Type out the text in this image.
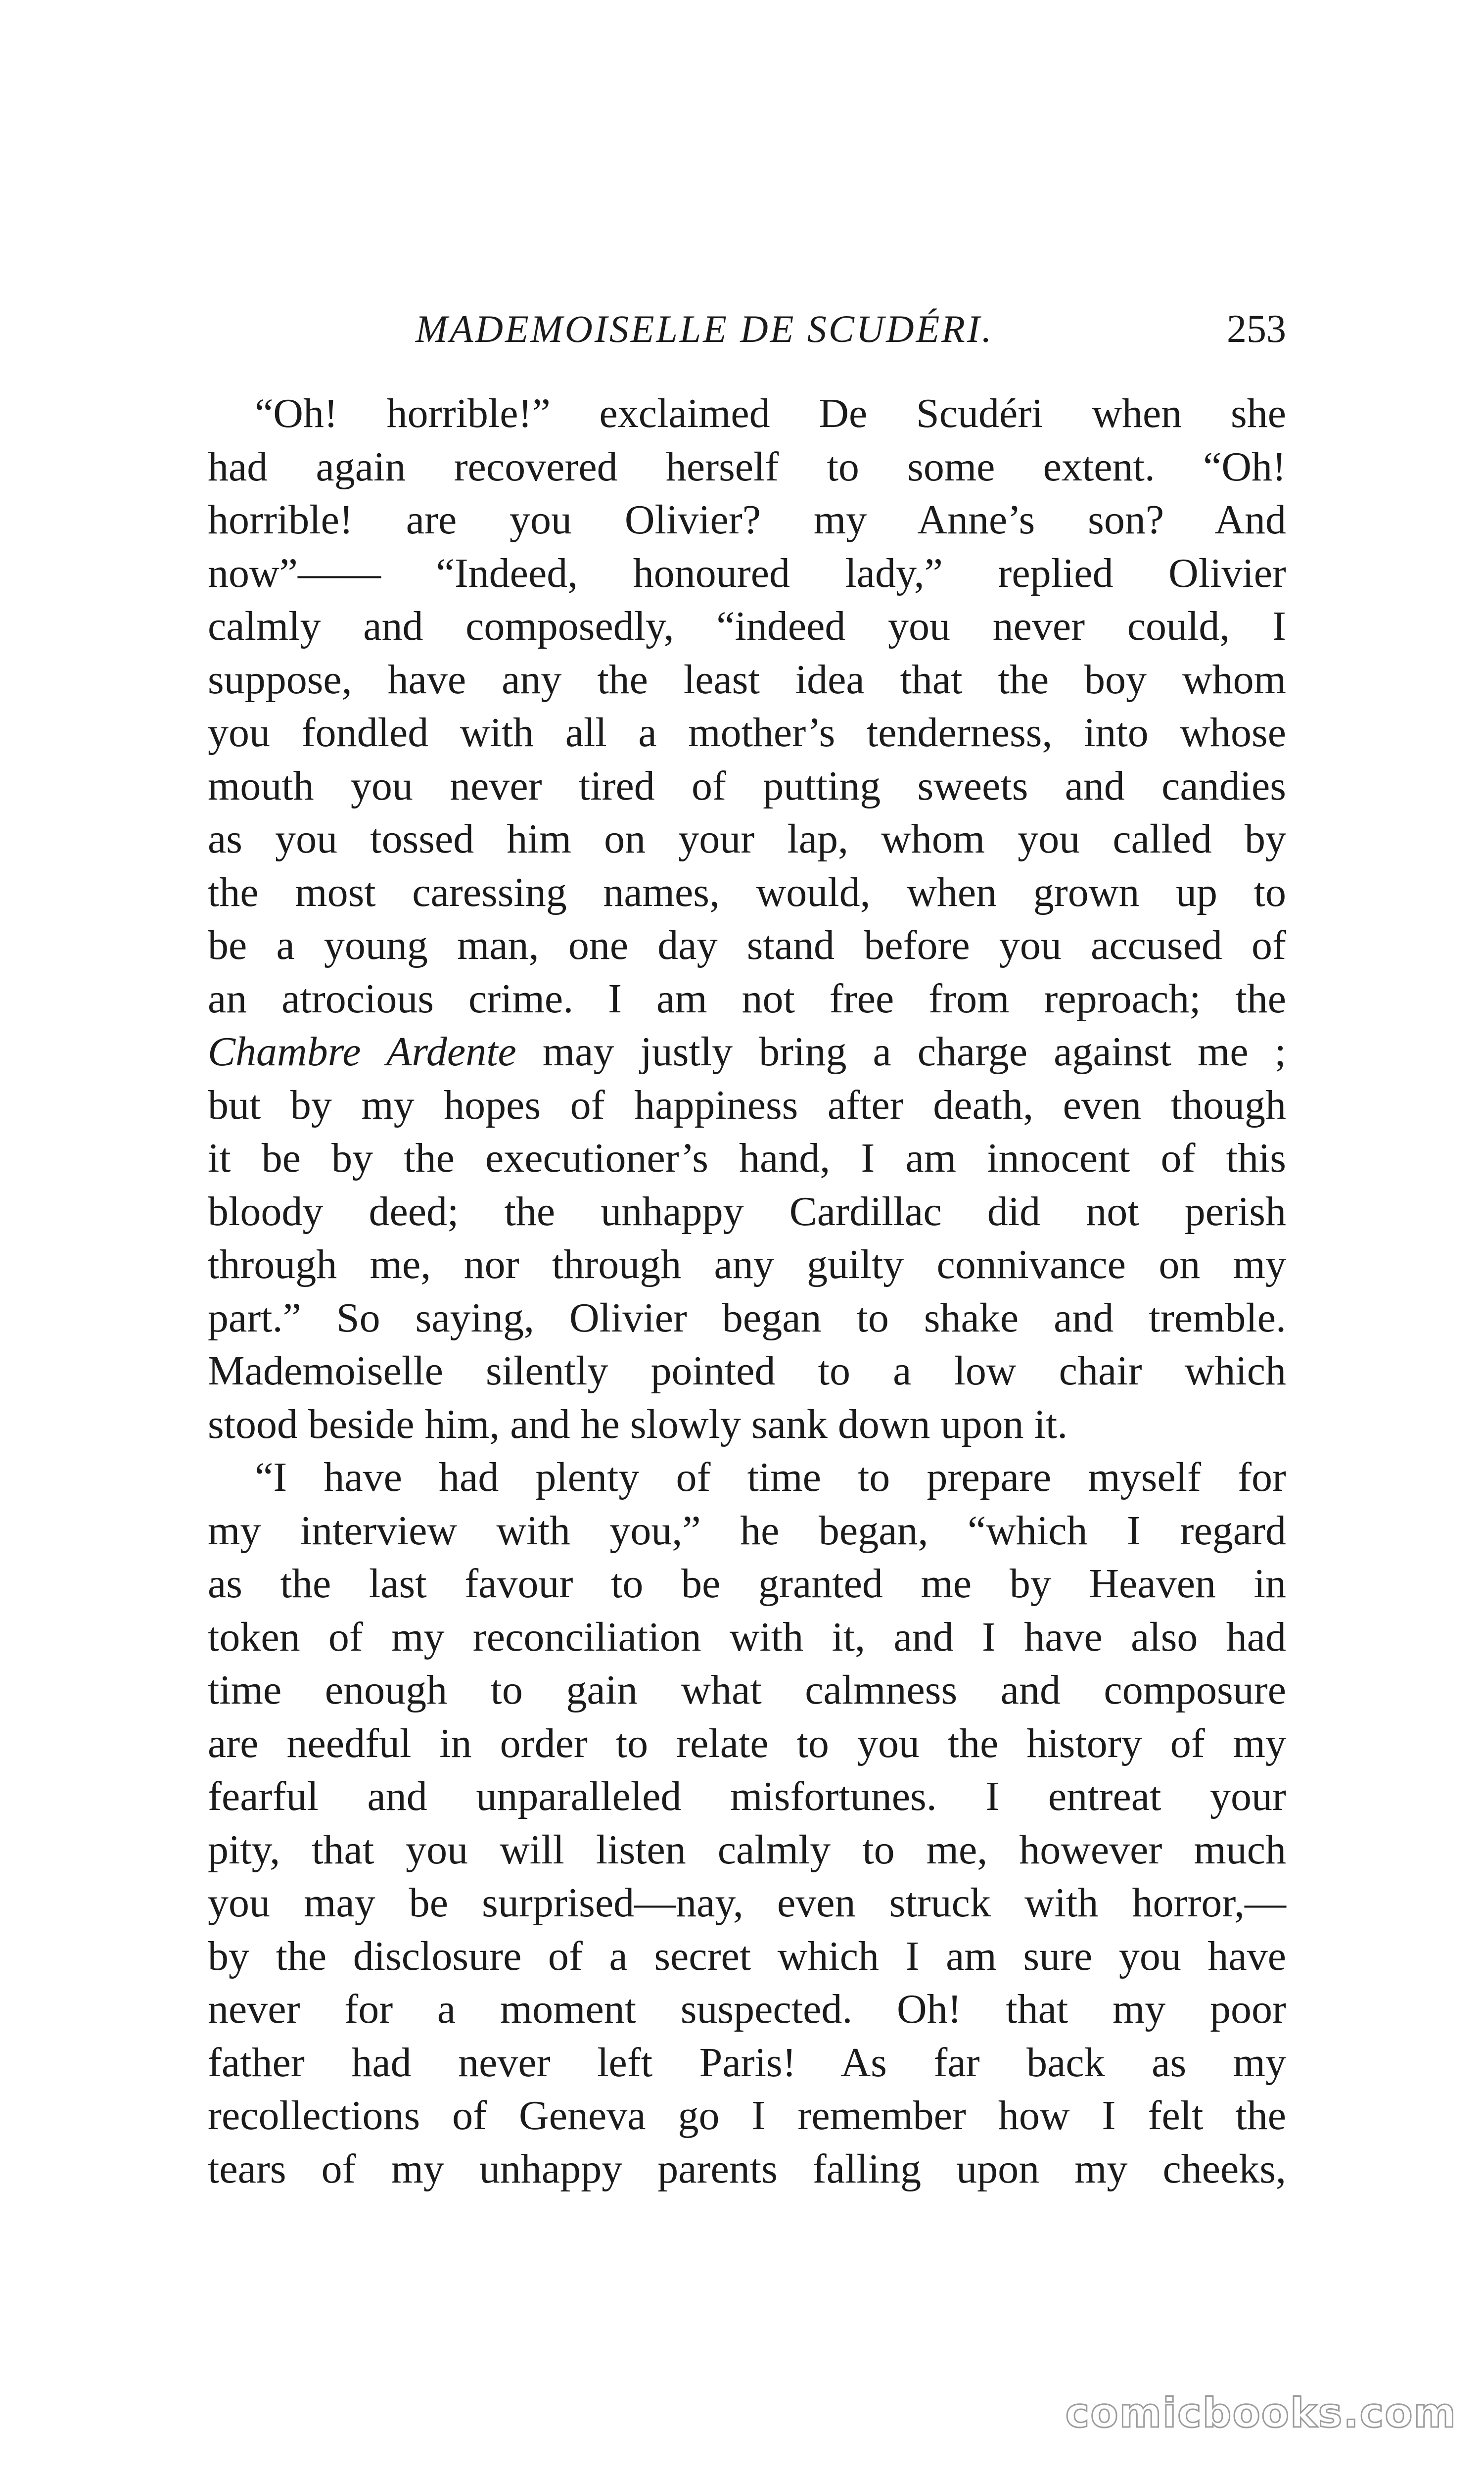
MADEMOISELLE DE SCUDÉRI.	253
“Oh! horrible!” exclaimed De Scudéri when she
had again recovered herself to some extent. “Oh!
horrible! are you Olivier? my Anne’s son? And
now”—— “Indeed, honoured lady,” replied Olivier
calmly and composedly, “indeed you never could, I
suppose, have any the least idea that the boy whom
you fondled with all a mother’s tenderness, into whose
mouth you never tired of putting sweets and candies
as you tossed him on your lap, whom you called by
the most caressing names, would, when grown up to
be a young man, one day stand before you accused of
an atrocious crime. I am not free from reproach; the
Chambre Ardente may justly bring a charge against me ;
but by my hopes of happiness after death, even though
it be by the executioner’s hand, I am innocent of this
bloody deed; the unhappy Cardillac did not perish
through me, nor through any guilty connivance on my
part.” So saying, Olivier began to shake and tremble.
Mademoiselle silently pointed to a low chair which
stood beside him, and he slowly sank down upon it.
“I have had plenty of time to prepare myself for
my interview with you,” he began, “which I regard
as the last favour to be granted me by Heaven in
token of my reconciliation with it, and I have also had
time enough to gain what calmness and composure
are needful in order to relate to you the history of my
fearful and unparalleled misfortunes. I entreat your
pity, that you will listen calmly to me, however much
you may be surprised—nay, even struck with horror,—
by the disclosure of a secret which I am sure you have
never for a moment suspected. Oh! that my poor
father had never left Paris! As far back as my
recollections of Geneva go I remember how I felt the
tears of my unhappy parents falling upon my cheeks,
comicbooks.com
